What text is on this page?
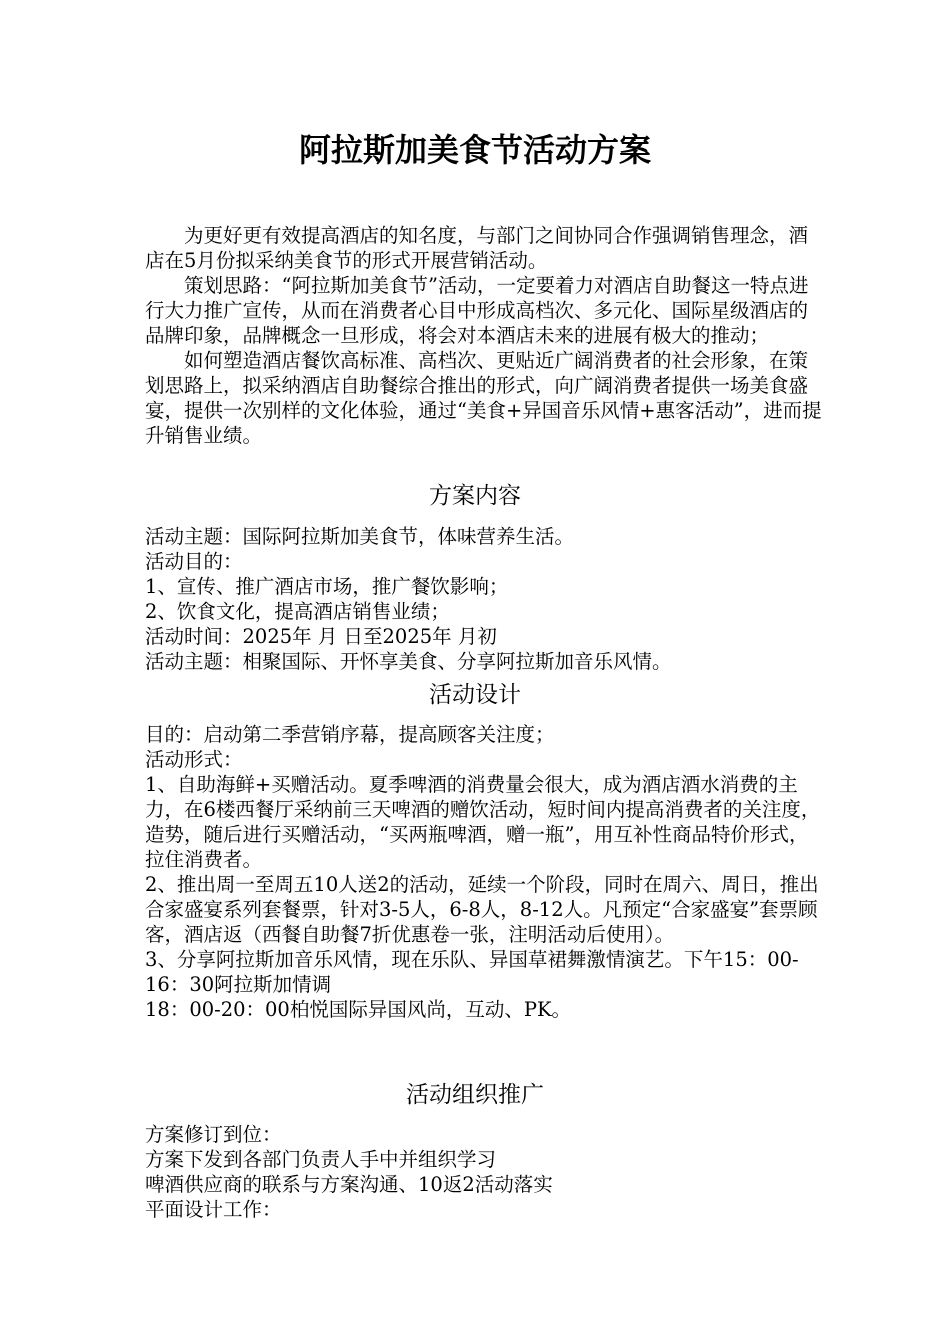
阿拉斯加美食节活动方案

为更好更有效提高酒店的知名度，与部门之间协同合作强调销售理念，酒店在5月份拟采纳美食节的形式开展营销活动。

策划思路：“阿拉斯加美食节”活动，一定要着力对酒店自助餐这一特点进行大力推广宣传，从而在消费者心目中形成高档次、多元化、国际星级酒店的品牌印象，品牌概念一旦形成，将会对本酒店未来的进展有极大的推动；

如何塑造酒店餐饮高标准、高档次、更贴近广阔消费者的社会形象，在策划思路上，拟采纳酒店自助餐综合推出的形式，向广阔消费者提供一场美食盛宴，提供一次别样的文化体验，通过“美食+异国音乐风情+惠客活动”，进而提升销售业绩。

方案内容

活动主题：国际阿拉斯加美食节，体味营养生活。

活动目的：

1、宣传、推广酒店市场，推广餐饮影响；

2、饮食文化，提高酒店销售业绩；

活动时间：2025年 月 日至2025年 月初

活动主题：相聚国际、开怀享美食、分享阿拉斯加音乐风情。

活动设计

目的：启动第二季营销序幕，提高顾客关注度；

活动形式：

1、自助海鲜+买赠活动。夏季啤酒的消费量会很大，成为酒店酒水消费的主力，在6楼西餐厅采纳前三天啤酒的赠饮活动，短时间内提高消费者的关注度，造势，随后进行买赠活动，“买两瓶啤酒，赠一瓶”，用互补性商品特价形式，拉住消费者。

2、推出周一至周五10人送2的活动，延续一个阶段，同时在周六、周日，推出合家盛宴系列套餐票，针对3-5人，6-8人，8-12人。凡预定“合家盛宴”套票顾客，酒店返（西餐自助餐7折优惠卷一张，注明活动后使用）。

3、分享阿拉斯加音乐风情，现在乐队、异国草裙舞激情演艺。下午15：00-16：30阿拉斯加情调

18：00-20：00柏悦国际异国风尚，互动、PK。

活动组织推广

方案修订到位：

方案下发到各部门负责人手中并组织学习

啤酒供应商的联系与方案沟通、10返2活动落实

平面设计工作：
